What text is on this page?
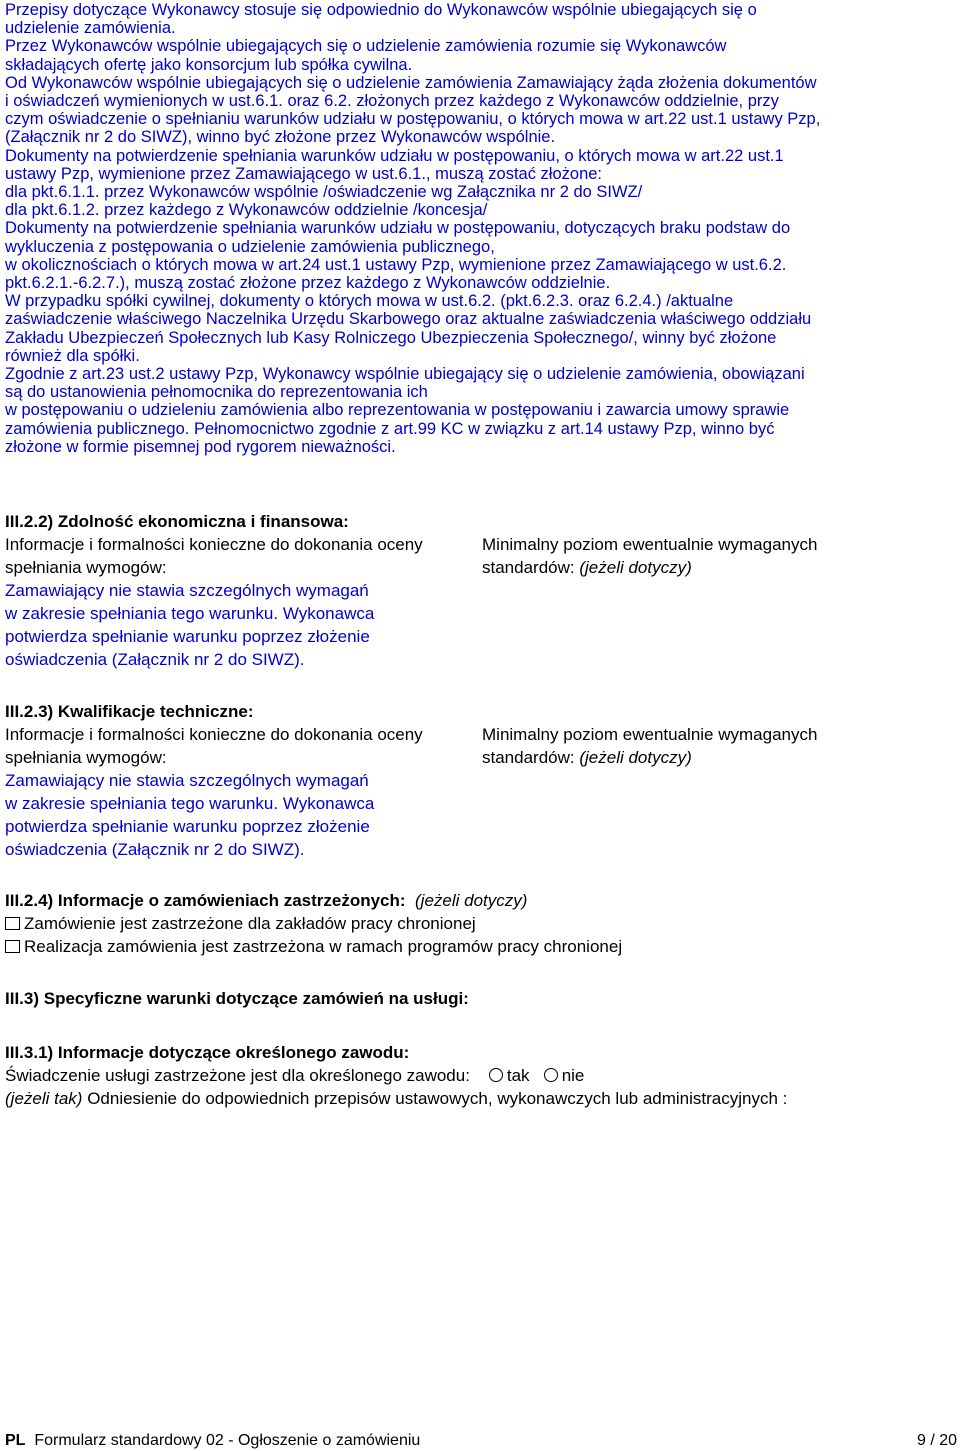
Przepisy dotyczące Wykonawcy stosuje się odpowiednio do Wykonawców wspólnie ubiegających się o

udzielenie zamówienia.

Przez Wykonawców wspólnie ubiegających się o udzielenie zamówienia rozumie się Wykonawców

składających ofertę jako konsorcjum lub spółka cywilna.

Od Wykonawców wspólnie ubiegających się o udzielenie zamówienia Zamawiający żąda złożenia dokumentów

i oświadczeń wymienionych w ust.6.1. oraz 6.2. złożonych przez każdego z Wykonawców oddzielnie, przy

czym oświadczenie o spełnianiu warunków udziału w postępowaniu, o których mowa w art.22 ust.1 ustawy Pzp,

(Załącznik nr 2 do SIWZ), winno być złożone przez Wykonawców wspólnie.

Dokumenty na potwierdzenie spełniania warunków udziału w postępowaniu, o których mowa w art.22 ust.1

ustawy Pzp, wymienione przez Zamawiającego w ust.6.1., muszą zostać złożone:

dla pkt.6.1.1. przez Wykonawców wspólnie /oświadczenie wg Załącznika nr 2 do SIWZ/

dla pkt.6.1.2. przez każdego z Wykonawców oddzielnie /koncesja/

Dokumenty na potwierdzenie spełniania warunków udziału w postępowaniu, dotyczących braku podstaw do

wykluczenia z postępowania o udzielenie zamówienia publicznego,

w okolicznościach o których mowa w art.24 ust.1 ustawy Pzp, wymienione przez Zamawiającego w ust.6.2.

pkt.6.2.1.-6.2.7.), muszą zostać złożone przez każdego z Wykonawców oddzielnie.

W przypadku spółki cywilnej, dokumenty o których mowa w ust.6.2. (pkt.6.2.3. oraz 6.2.4.) /aktualne

zaświadczenie właściwego Naczelnika Urzędu Skarbowego oraz aktualne zaświadczenia właściwego oddziału

Zakładu Ubezpieczeń Społecznych lub Kasy Rolniczego Ubezpieczenia Społecznego/, winny być złożone

również dla spółki.

Zgodnie z art.23 ust.2 ustawy Pzp, Wykonawcy wspólnie ubiegający się o udzielenie zamówienia, obowiązani

są do ustanowienia pełnomocnika do reprezentowania ich

w postępowaniu o udzieleniu zamówienia albo reprezentowania w postępowaniu i zawarcia umowy sprawie

zamówienia publicznego. Pełnomocnictwo zgodnie z art.99 KC w związku z art.14 ustawy Pzp, winno być

złożone w formie pisemnej pod rygorem nieważności.

III.2.2) Zdolność ekonomiczna i finansowa:

Informacje i formalności konieczne do dokonania oceny

spełniania wymogów:

Minimalny poziom ewentualnie wymaganych

standardów: (jeżeli dotyczy)

Zamawiający nie stawia szczególnych wymagań

w zakresie spełniania tego warunku. Wykonawca

potwierdza spełnianie warunku poprzez złożenie

oświadczenia (Załącznik nr 2 do SIWZ).

III.2.3) Kwalifikacje techniczne:

Informacje i formalności konieczne do dokonania oceny

spełniania wymogów:

Minimalny poziom ewentualnie wymaganych

standardów: (jeżeli dotyczy)

Zamawiający nie stawia szczególnych wymagań

w zakresie spełniania tego warunku. Wykonawca

potwierdza spełnianie warunku poprzez złożenie

oświadczenia (Załącznik nr 2 do SIWZ).

III.2.4) Informacje o zamówieniach zastrzeżonych: (jeżeli dotyczy)

Zamówienie jest zastrzeżone dla zakładów pracy chronionej

Realizacja zamówienia jest zastrzeżona w ramach programów pracy chronionej

III.3) Specyficzne warunki dotyczące zamówień na usługi:

III.3.1) Informacje dotyczące określonego zawodu:

Świadczenie usługi zastrzeżone jest dla określonego zawodu: tak nie

(jeżeli tak) Odniesienie do odpowiednich przepisów ustawowych, wykonawczych lub administracyjnych :

PL Formularz standardowy 02 - Ogłoszenie o zamówieniu	9 / 20
